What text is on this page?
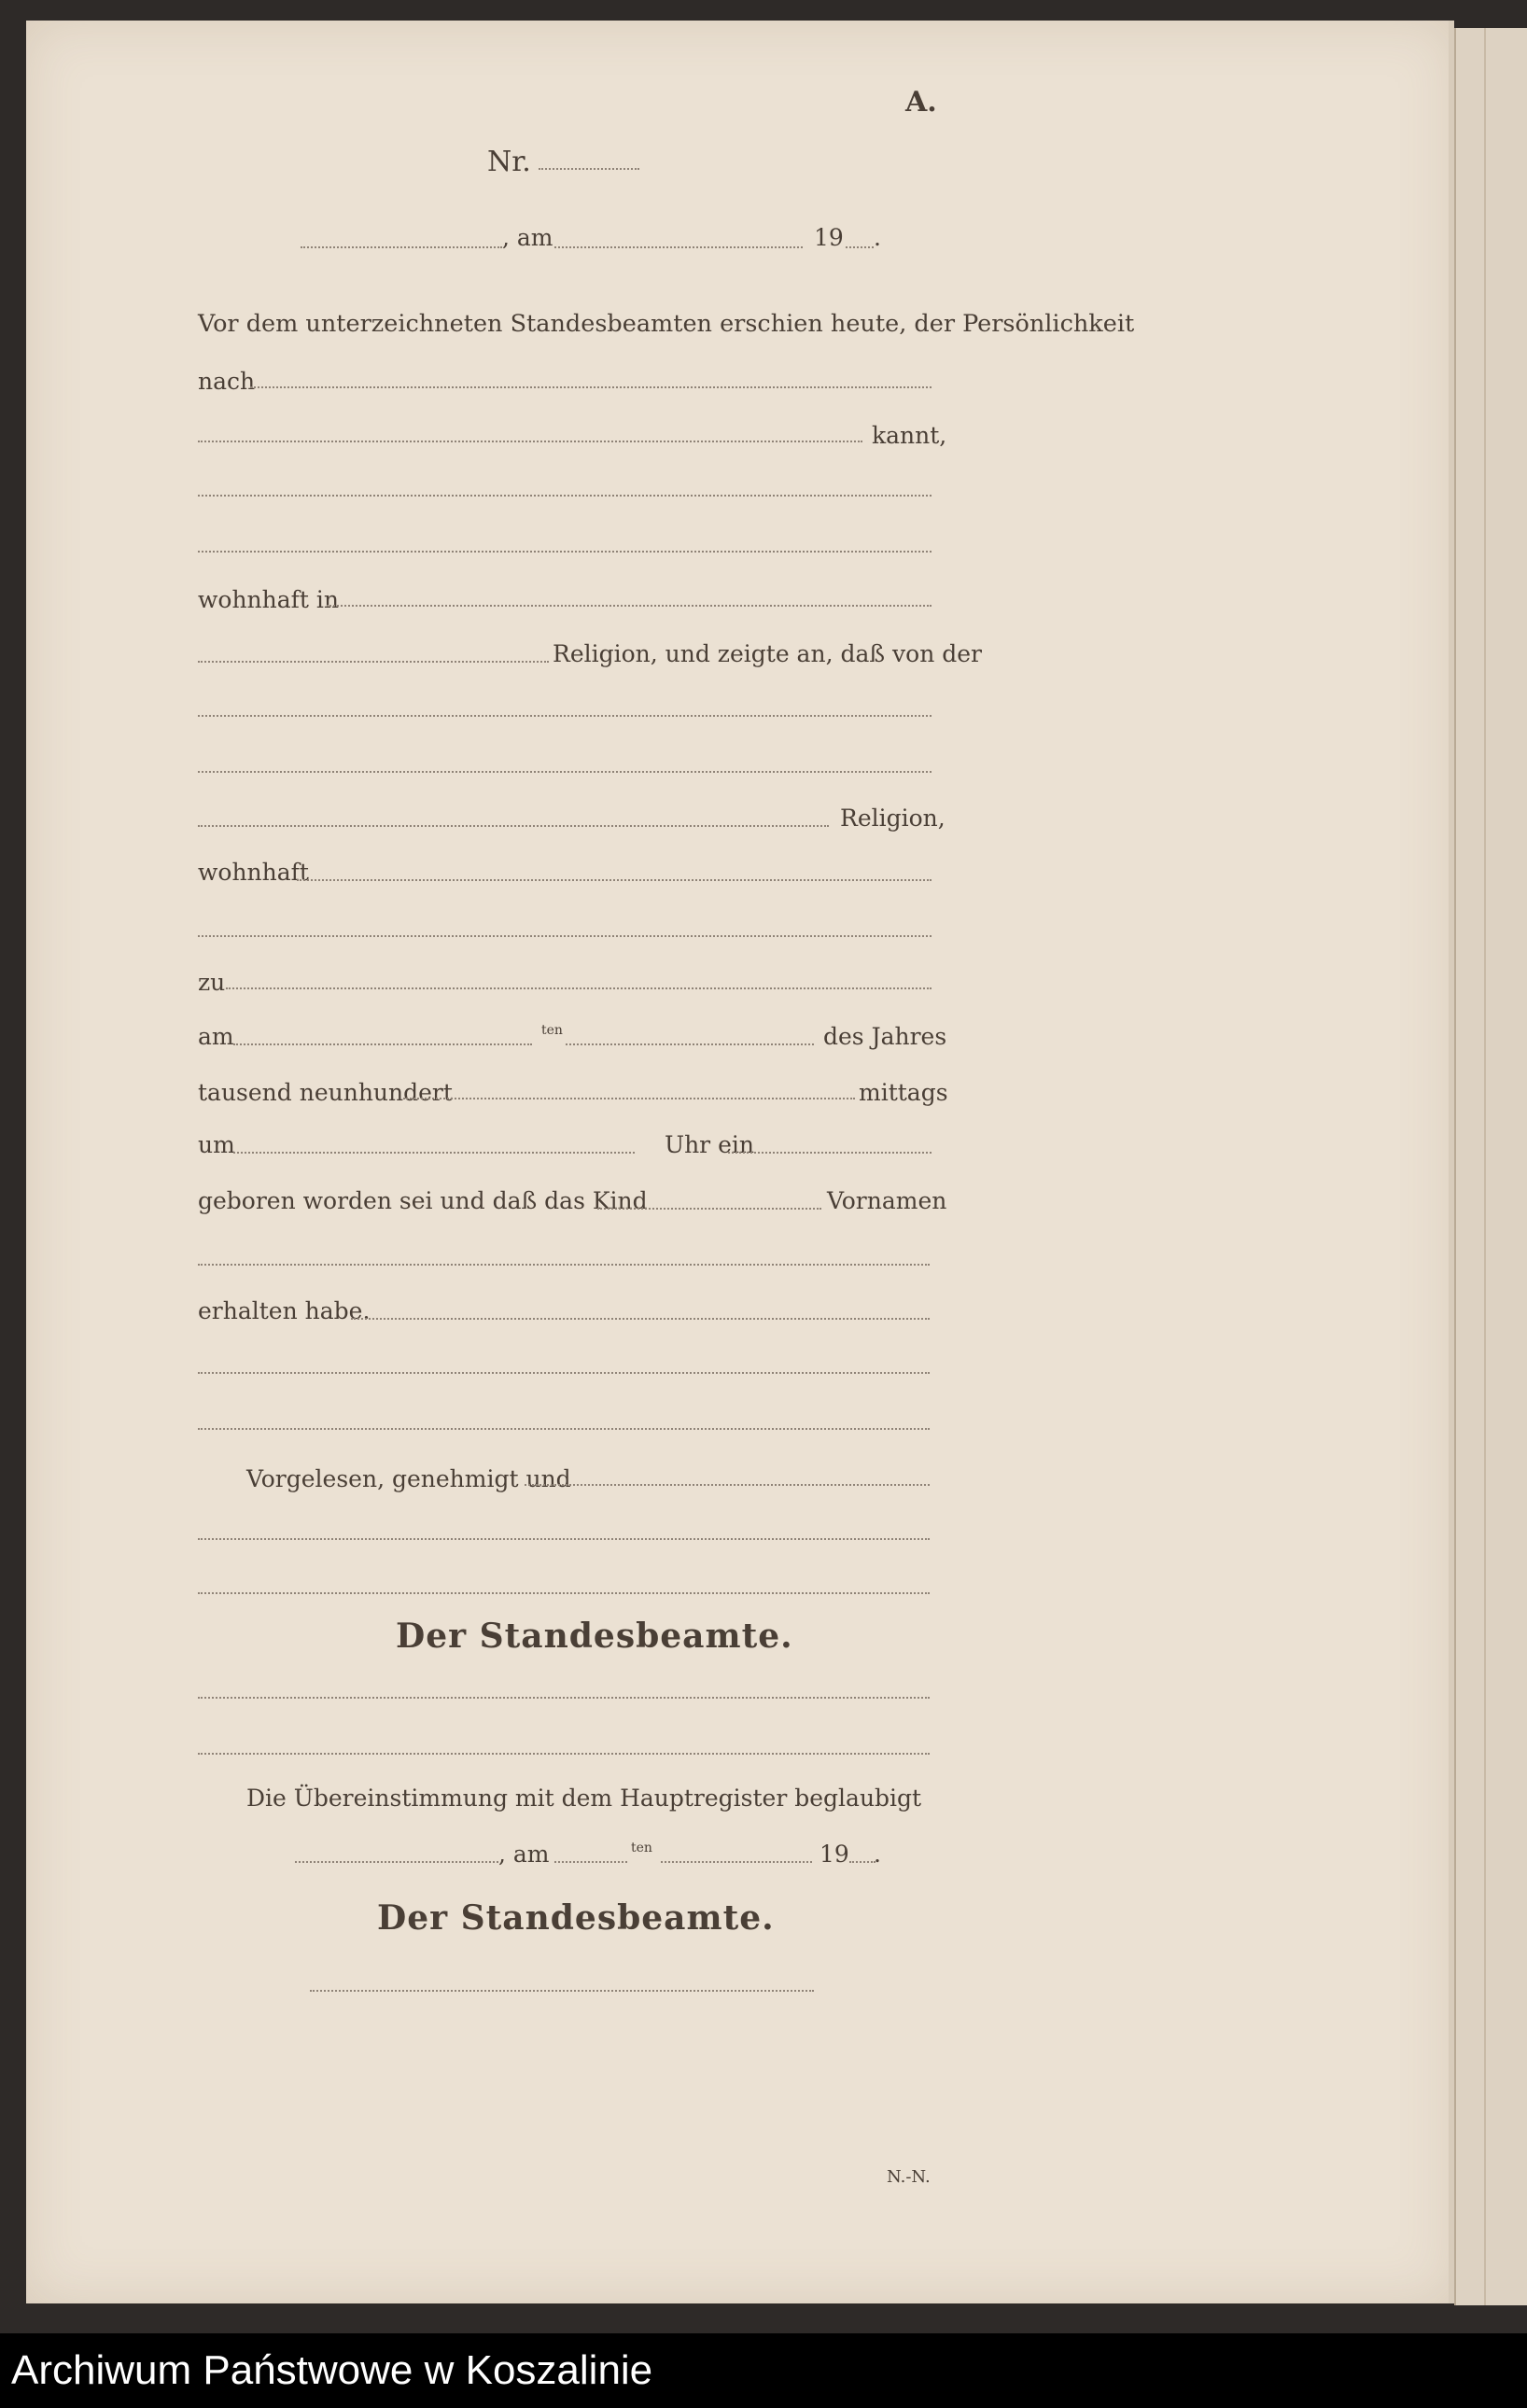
A.
Nr.
, am	19 .
Vor dem unterzeichneten Standesbeamten erschien heute, der Persönlichkeit
nach
kannt,
wohnhaft in
Religion, und zeigte an, daß von der
Religion,
wohnhaft
zu
am	ten	des Jahres
tausend neunhundert	mittags
um	Uhr ein
geboren worden sei und daß das Kind	Vornamen
erhalten habe.
Vorgelesen, genehmigt und
Der Standesbeamte.
Die Übereinstimmung mit dem Hauptregister beglaubigt
, am	ten	19 .
Der Standesbeamte.
N.-N.
Archiwum Państwowe w Koszalinie
